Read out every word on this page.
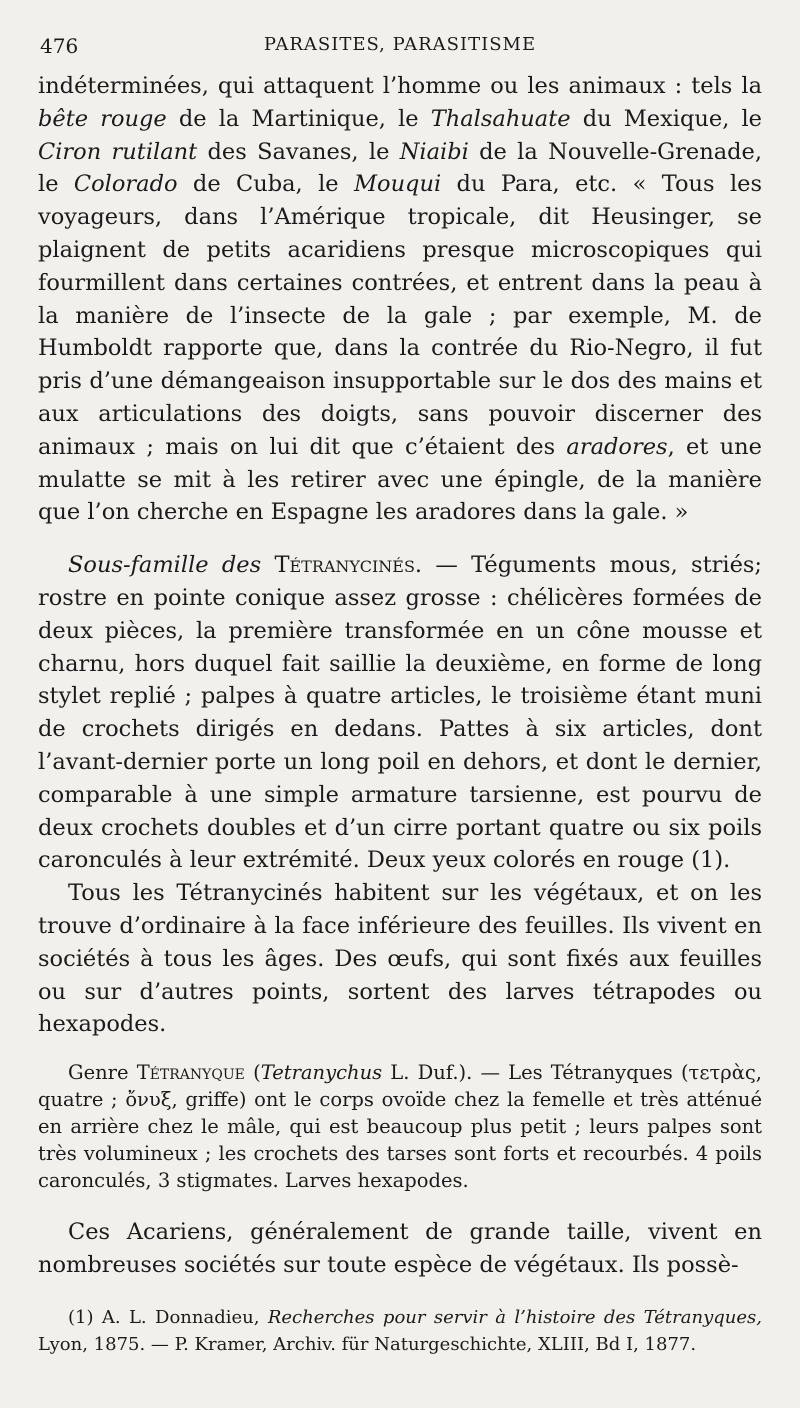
476	PARASITES, PARASITISME

indéterminées, qui attaquent l’homme ou les animaux : tels la bête rouge de la Martinique, le Thalsahuate du Mexique, le Ciron rutilant des Savanes, le Niaibi de la Nouvelle-Grenade, le Colorado de Cuba, le Mouqui du Para, etc. « Tous les voyageurs, dans l’Amérique tropicale, dit Heusinger, se plaignent de petits acaridiens presque microscopiques qui fourmillent dans certaines contrées, et entrent dans la peau à la manière de l’insecte de la gale ; par exemple, M. de Humboldt rapporte que, dans la contrée du Rio-Negro, il fut pris d’une démangeaison insupportable sur le dos des mains et aux articulations des doigts, sans pouvoir discerner des animaux ; mais on lui dit que c’étaient des aradores, et une mulatte se mit à les retirer avec une épingle, de la manière que l’on cherche en Espagne les aradores dans la gale. »

Sous-famille des Tétranycinés. — Téguments mous, striés; rostre en pointe conique assez grosse : chélicères formées de deux pièces, la première transformée en un cône mousse et charnu, hors duquel fait saillie la deuxième, en forme de long stylet replié ; palpes à quatre articles, le troisième étant muni de crochets dirigés en dedans. Pattes à six articles, dont l’avant-dernier porte un long poil en dehors, et dont le dernier, comparable à une simple armature tarsienne, est pourvu de deux crochets doubles et d’un cirre portant quatre ou six poils caronculés à leur extrémité. Deux yeux colorés en rouge (1).

Tous les Tétranycinés habitent sur les végétaux, et on les trouve d’ordinaire à la face inférieure des feuilles. Ils vivent en sociétés à tous les âges. Des œufs, qui sont fixés aux feuilles ou sur d’autres points, sortent des larves tétrapodes ou hexapodes.

Genre Tétranyque (Tetranychus L. Duf.). — Les Tétranyques (τετρὰς, quatre ; ὄνυξ, griffe) ont le corps ovoïde chez la femelle et très atténué en arrière chez le mâle, qui est beaucoup plus petit ; leurs palpes sont très volumineux ; les crochets des tarses sont forts et recourbés. 4 poils caronculés, 3 stigmates. Larves hexapodes.

Ces Acariens, généralement de grande taille, vivent en nombreuses sociétés sur toute espèce de végétaux. Ils possè-

(1) A. L. Donnadieu, Recherches pour servir à l’histoire des Tétranyques, Lyon, 1875. — P. Kramer, Archiv. für Naturgeschichte, XLIII, Bd I, 1877.
